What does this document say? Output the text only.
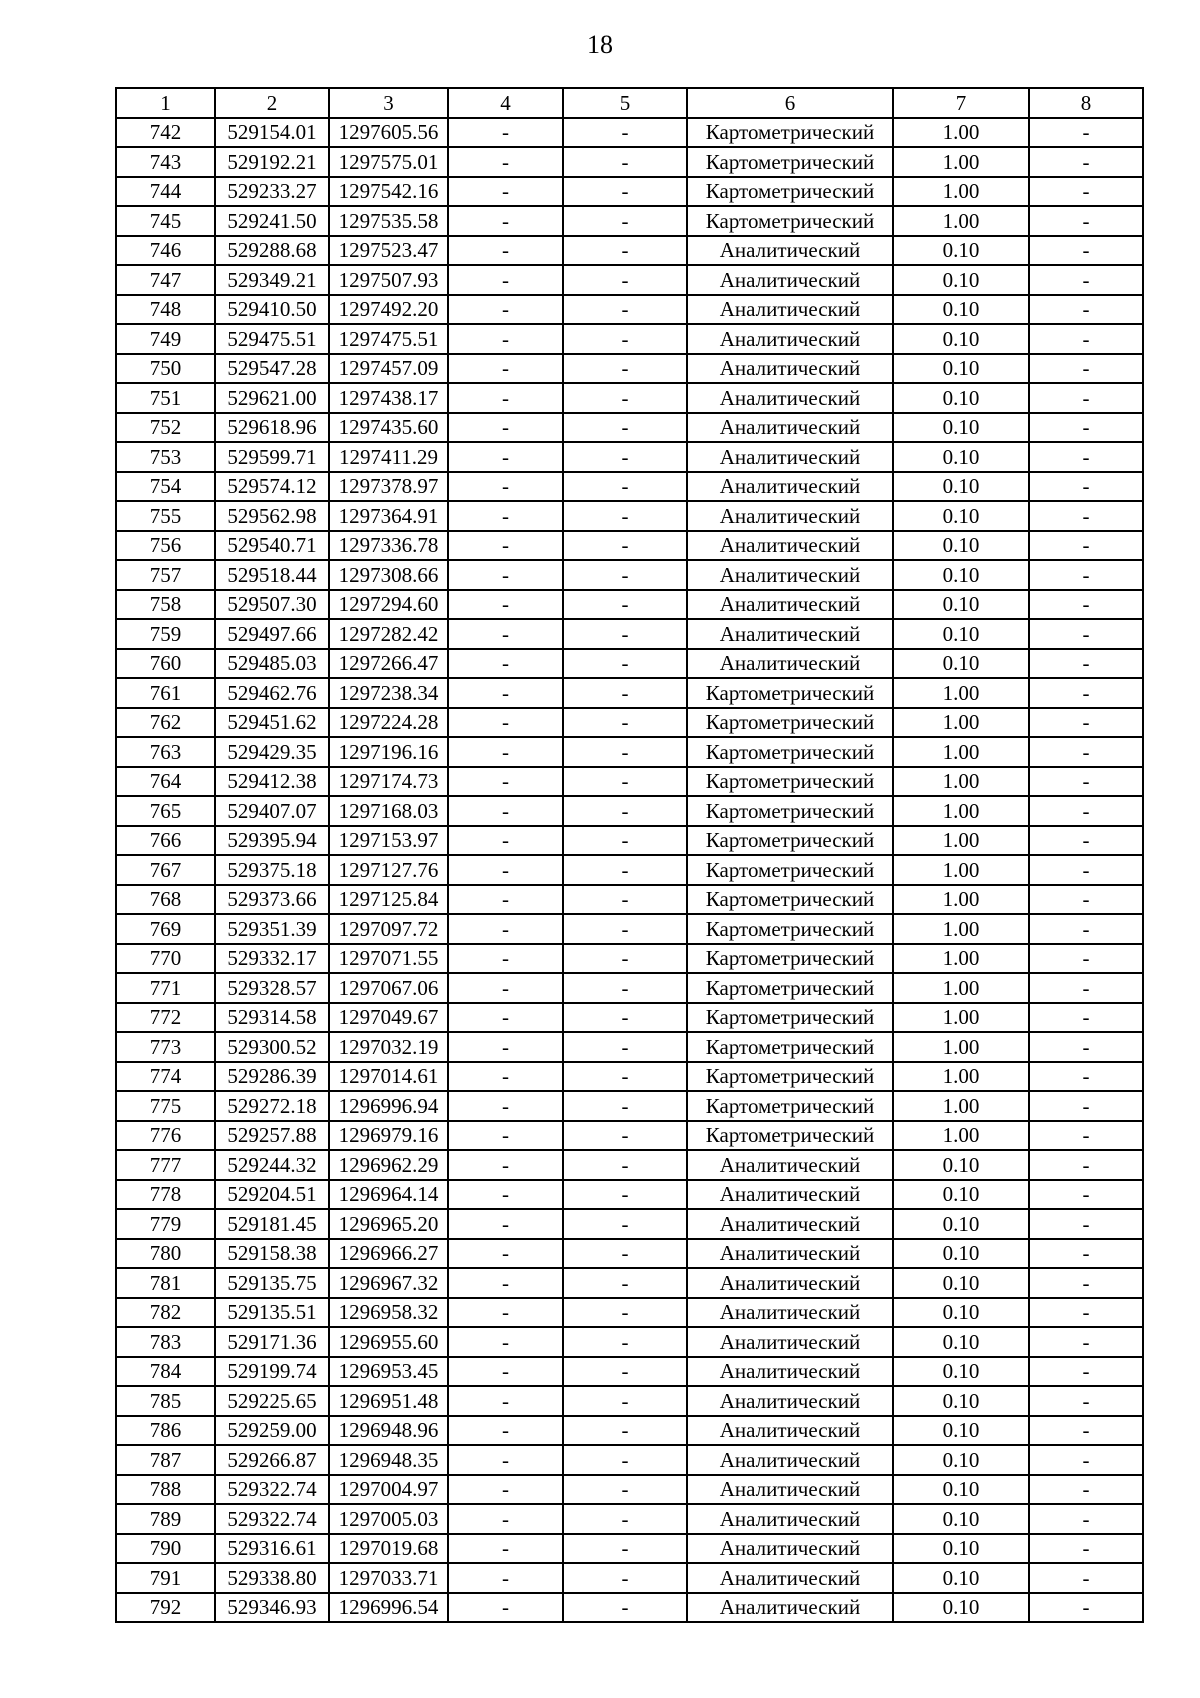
18
1	2	3	4	5	6	7	8
742	529154.01	1297605.56	-	-	Картометрический	1.00	-
743	529192.21	1297575.01	-	-	Картометрический	1.00	-
744	529233.27	1297542.16	-	-	Картометрический	1.00	-
745	529241.50	1297535.58	-	-	Картометрический	1.00	-
746	529288.68	1297523.47	-	-	Аналитический	0.10	-
747	529349.21	1297507.93	-	-	Аналитический	0.10	-
748	529410.50	1297492.20	-	-	Аналитический	0.10	-
749	529475.51	1297475.51	-	-	Аналитический	0.10	-
750	529547.28	1297457.09	-	-	Аналитический	0.10	-
751	529621.00	1297438.17	-	-	Аналитический	0.10	-
752	529618.96	1297435.60	-	-	Аналитический	0.10	-
753	529599.71	1297411.29	-	-	Аналитический	0.10	-
754	529574.12	1297378.97	-	-	Аналитический	0.10	-
755	529562.98	1297364.91	-	-	Аналитический	0.10	-
756	529540.71	1297336.78	-	-	Аналитический	0.10	-
757	529518.44	1297308.66	-	-	Аналитический	0.10	-
758	529507.30	1297294.60	-	-	Аналитический	0.10	-
759	529497.66	1297282.42	-	-	Аналитический	0.10	-
760	529485.03	1297266.47	-	-	Аналитический	0.10	-
761	529462.76	1297238.34	-	-	Картометрический	1.00	-
762	529451.62	1297224.28	-	-	Картометрический	1.00	-
763	529429.35	1297196.16	-	-	Картометрический	1.00	-
764	529412.38	1297174.73	-	-	Картометрический	1.00	-
765	529407.07	1297168.03	-	-	Картометрический	1.00	-
766	529395.94	1297153.97	-	-	Картометрический	1.00	-
767	529375.18	1297127.76	-	-	Картометрический	1.00	-
768	529373.66	1297125.84	-	-	Картометрический	1.00	-
769	529351.39	1297097.72	-	-	Картометрический	1.00	-
770	529332.17	1297071.55	-	-	Картометрический	1.00	-
771	529328.57	1297067.06	-	-	Картометрический	1.00	-
772	529314.58	1297049.67	-	-	Картометрический	1.00	-
773	529300.52	1297032.19	-	-	Картометрический	1.00	-
774	529286.39	1297014.61	-	-	Картометрический	1.00	-
775	529272.18	1296996.94	-	-	Картометрический	1.00	-
776	529257.88	1296979.16	-	-	Картометрический	1.00	-
777	529244.32	1296962.29	-	-	Аналитический	0.10	-
778	529204.51	1296964.14	-	-	Аналитический	0.10	-
779	529181.45	1296965.20	-	-	Аналитический	0.10	-
780	529158.38	1296966.27	-	-	Аналитический	0.10	-
781	529135.75	1296967.32	-	-	Аналитический	0.10	-
782	529135.51	1296958.32	-	-	Аналитический	0.10	-
783	529171.36	1296955.60	-	-	Аналитический	0.10	-
784	529199.74	1296953.45	-	-	Аналитический	0.10	-
785	529225.65	1296951.48	-	-	Аналитический	0.10	-
786	529259.00	1296948.96	-	-	Аналитический	0.10	-
787	529266.87	1296948.35	-	-	Аналитический	0.10	-
788	529322.74	1297004.97	-	-	Аналитический	0.10	-
789	529322.74	1297005.03	-	-	Аналитический	0.10	-
790	529316.61	1297019.68	-	-	Аналитический	0.10	-
791	529338.80	1297033.71	-	-	Аналитический	0.10	-
792	529346.93	1296996.54	-	-	Аналитический	0.10	-
